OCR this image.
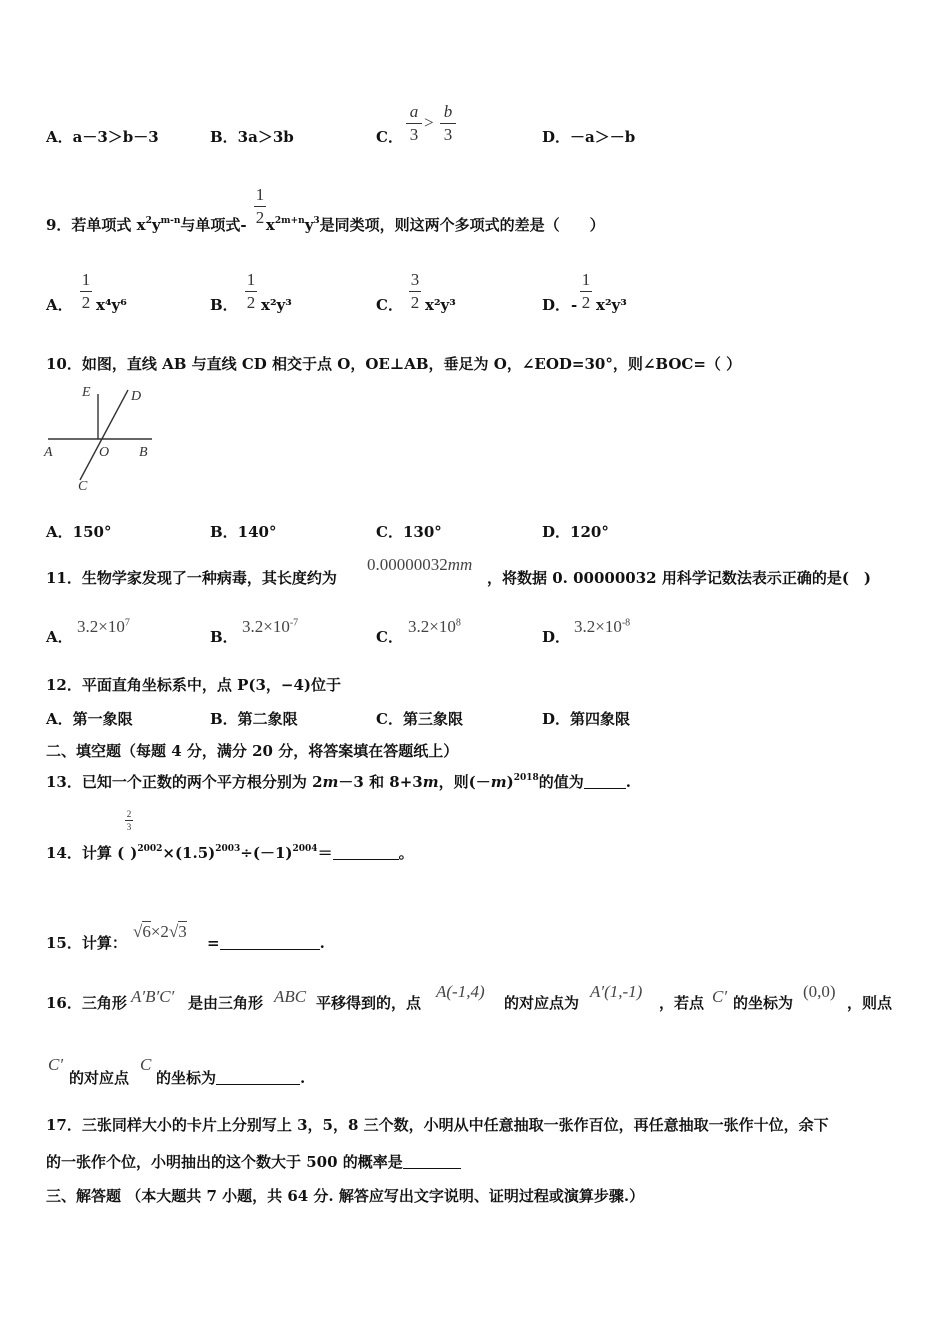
A．a－3＞b－3	B．3a＞3b	C．
a
3
>
b
3	D．－a＞－b
9．若单项式 $x^2y^{m-n}$与单项式- $x^{2m+n}y^3$是同类项，则这两个多项式的差是（　　）
1
2
A．
1
2 x⁴y⁶	B．
1
2 x²y³	C．
3
2 x²y³	D． -
1
2 x²y³
10．如图，直线 AB 与直线 CD 相交于点 O，OE⊥AB，垂足为 O，∠EOD=30°，则∠BOC=（ ）
E	D
A	O B
C
A．150°	B．140°	C．130°	D．120°
11．生物学家发现了一种病毒，其长度约为
0.00000032mm
，将数据 0. 00000032 用科学记数法表示正确的是(　)
A．
$3.2\times 10^7$
B．
$3.2\times 10^{-7}$
C．
$3.2\times 10^8$
D．
$3.2\times 10^{-8}$
12．平面直角坐标系中，点 P(3，−4)位于
A．第一象限	B．第二象限	C．第三象限	D．第四象限
二、填空题（每题 4 分，满分 20 分，将答案填在答题纸上）
13．已知一个正数的两个平方根分别为 2m－3 和 8+3m，则$(-m)^{2018}$的值为	.
2
3
14．计算 ( )$^{2002}\times(1.5)^{2003}\div(-1)^{2004}=$	。
15．计算：
√6×2√3
=	.
16．三角形 A′B′C′ 是由三角形 ABC 平移得到的，点
A(-1,4)
的对应点为
A′(1,-1)
，若点 C′ 的坐标为
(0,0)
，则点
C′
的对应点
C
的坐标为	.
17．三张同样大小的卡片上分别写上 3，5，8 三个数，小明从中任意抽取一张作百位，再任意抽取一张作十位，余下
的一张作个位，小明抽出的这个数大于 500 的概率是
三、解答题 （本大题共 7 小题，共 64 分. 解答应写出文字说明、证明过程或演算步骤.）
